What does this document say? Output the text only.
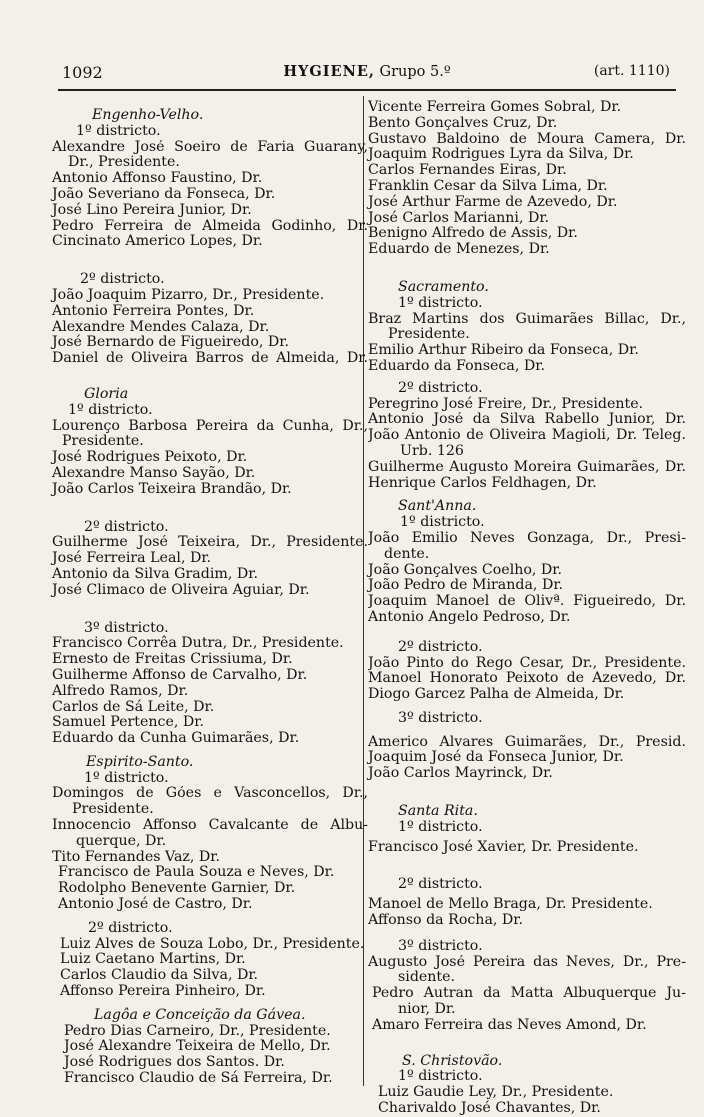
1092	HYGIENE, Grupo 5.º	(art. 1110)
Engenho-Velho.
1º districto.
Alexandre José Soeiro de Faria Guarany,
Dr., Presidente.
Antonio Affonso Faustino, Dr.
João Severiano da Fonseca, Dr.
José Lino Pereira Junior, Dr.
Pedro Ferreira de Almeida Godinho, Dr.
Cincinato Americo Lopes, Dr.
2º districto.
João Joaquim Pizarro, Dr., Presidente.
Antonio Ferreira Pontes, Dr.
Alexandre Mendes Calaza, Dr.
José Bernardo de Figueiredo, Dr.
Daniel de Oliveira Barros de Almeida, Dr.
Gloria
1º districto.
Lourenço Barbosa Pereira da Cunha, Dr.,
Presidente.
José Rodrigues Peixoto, Dr.
Alexandre Manso Sayão, Dr.
João Carlos Teixeira Brandão, Dr.
2º districto.
Guilherme José Teixeira, Dr., Presidente.
José Ferreira Leal, Dr.
Antonio da Silva Gradim, Dr.
José Climaco de Oliveira Aguiar, Dr.
3º districto.
Francisco Corrêa Dutra, Dr., Presidente.
Ernesto de Freitas Crissiuma, Dr.
Guilherme Affonso de Carvalho, Dr.
Alfredo Ramos, Dr.
Carlos de Sá Leite, Dr.
Samuel Pertence, Dr.
Eduardo da Cunha Guimarães, Dr.
Espirito-Santo.
1º districto.
Domingos de Góes e Vasconcellos, Dr.,
Presidente.
Innocencio Affonso Cavalcante de Albu-
querque, Dr.
Tito Fernandes Vaz, Dr.
Francisco de Paula Souza e Neves, Dr.
Rodolpho Benevente Garnier, Dr.
Antonio José de Castro, Dr.
2º districto.
Luiz Alves de Souza Lobo, Dr., Presidente.
Luiz Caetano Martins, Dr.
Carlos Claudio da Silva, Dr.
Affonso Pereira Pinheiro, Dr.
Lagôa e Conceição da Gávea.
Pedro Dias Carneiro, Dr., Presidente.
José Alexandre Teixeira de Mello, Dr.
José Rodrigues dos Santos. Dr.
Francisco Claudio de Sá Ferreira, Dr.
Vicente Ferreira Gomes Sobral, Dr.
Bento Gonçalves Cruz, Dr.
Gustavo Baldoino de Moura Camera, Dr.
Joaquim Rodrigues Lyra da Silva, Dr.
Carlos Fernandes Eiras, Dr.
Franklin Cesar da Silva Lima, Dr.
José Arthur Farme de Azevedo, Dr.
José Carlos Marianni, Dr.
Benigno Alfredo de Assis, Dr.
Eduardo de Menezes, Dr.
Sacramento.
1º districto.
Braz Martins dos Guimarães Billac, Dr.,
Presidente.
Emilio Arthur Ribeiro da Fonseca, Dr.
Eduardo da Fonseca, Dr.
2º districto.
Peregrino José Freire, Dr., Presidente.
Antonio José da Silva Rabello Junior, Dr.
João Antonio de Oliveira Magioli, Dr. Teleg.
Urb. 126
Guilherme Augusto Moreira Guimarães, Dr.
Henrique Carlos Feldhagen, Dr.
Sant'Anna.
1º districto.
João Emilio Neves Gonzaga, Dr., Presi-
dente.
João Gonçalves Coelho, Dr.
João Pedro de Miranda, Dr.
Joaquim Manoel de Olivª. Figueiredo, Dr.
Antonio Angelo Pedroso, Dr.
2º districto.
João Pinto do Rego Cesar, Dr., Presidente.
Manoel Honorato Peixoto de Azevedo, Dr.
Diogo Garcez Palha de Almeida, Dr.
3º districto.
Americo Alvares Guimarães, Dr., Presid.
Joaquim José da Fonseca Junior, Dr.
João Carlos Mayrinck, Dr.
Santa Rita.
1º districto.
Francisco José Xavier, Dr. Presidente.
2º districto.
Manoel de Mello Braga, Dr. Presidente.
Affonso da Rocha, Dr.
3º districto.
Augusto José Pereira das Neves, Dr., Pre-
sidente.
Pedro Autran da Matta Albuquerque Ju-
nior, Dr.
Amaro Ferreira das Neves Amond, Dr.
S. Christovão.
1º districto.
Luiz Gaudie Ley, Dr., Presidente.
Charivaldo José Chavantes, Dr.
